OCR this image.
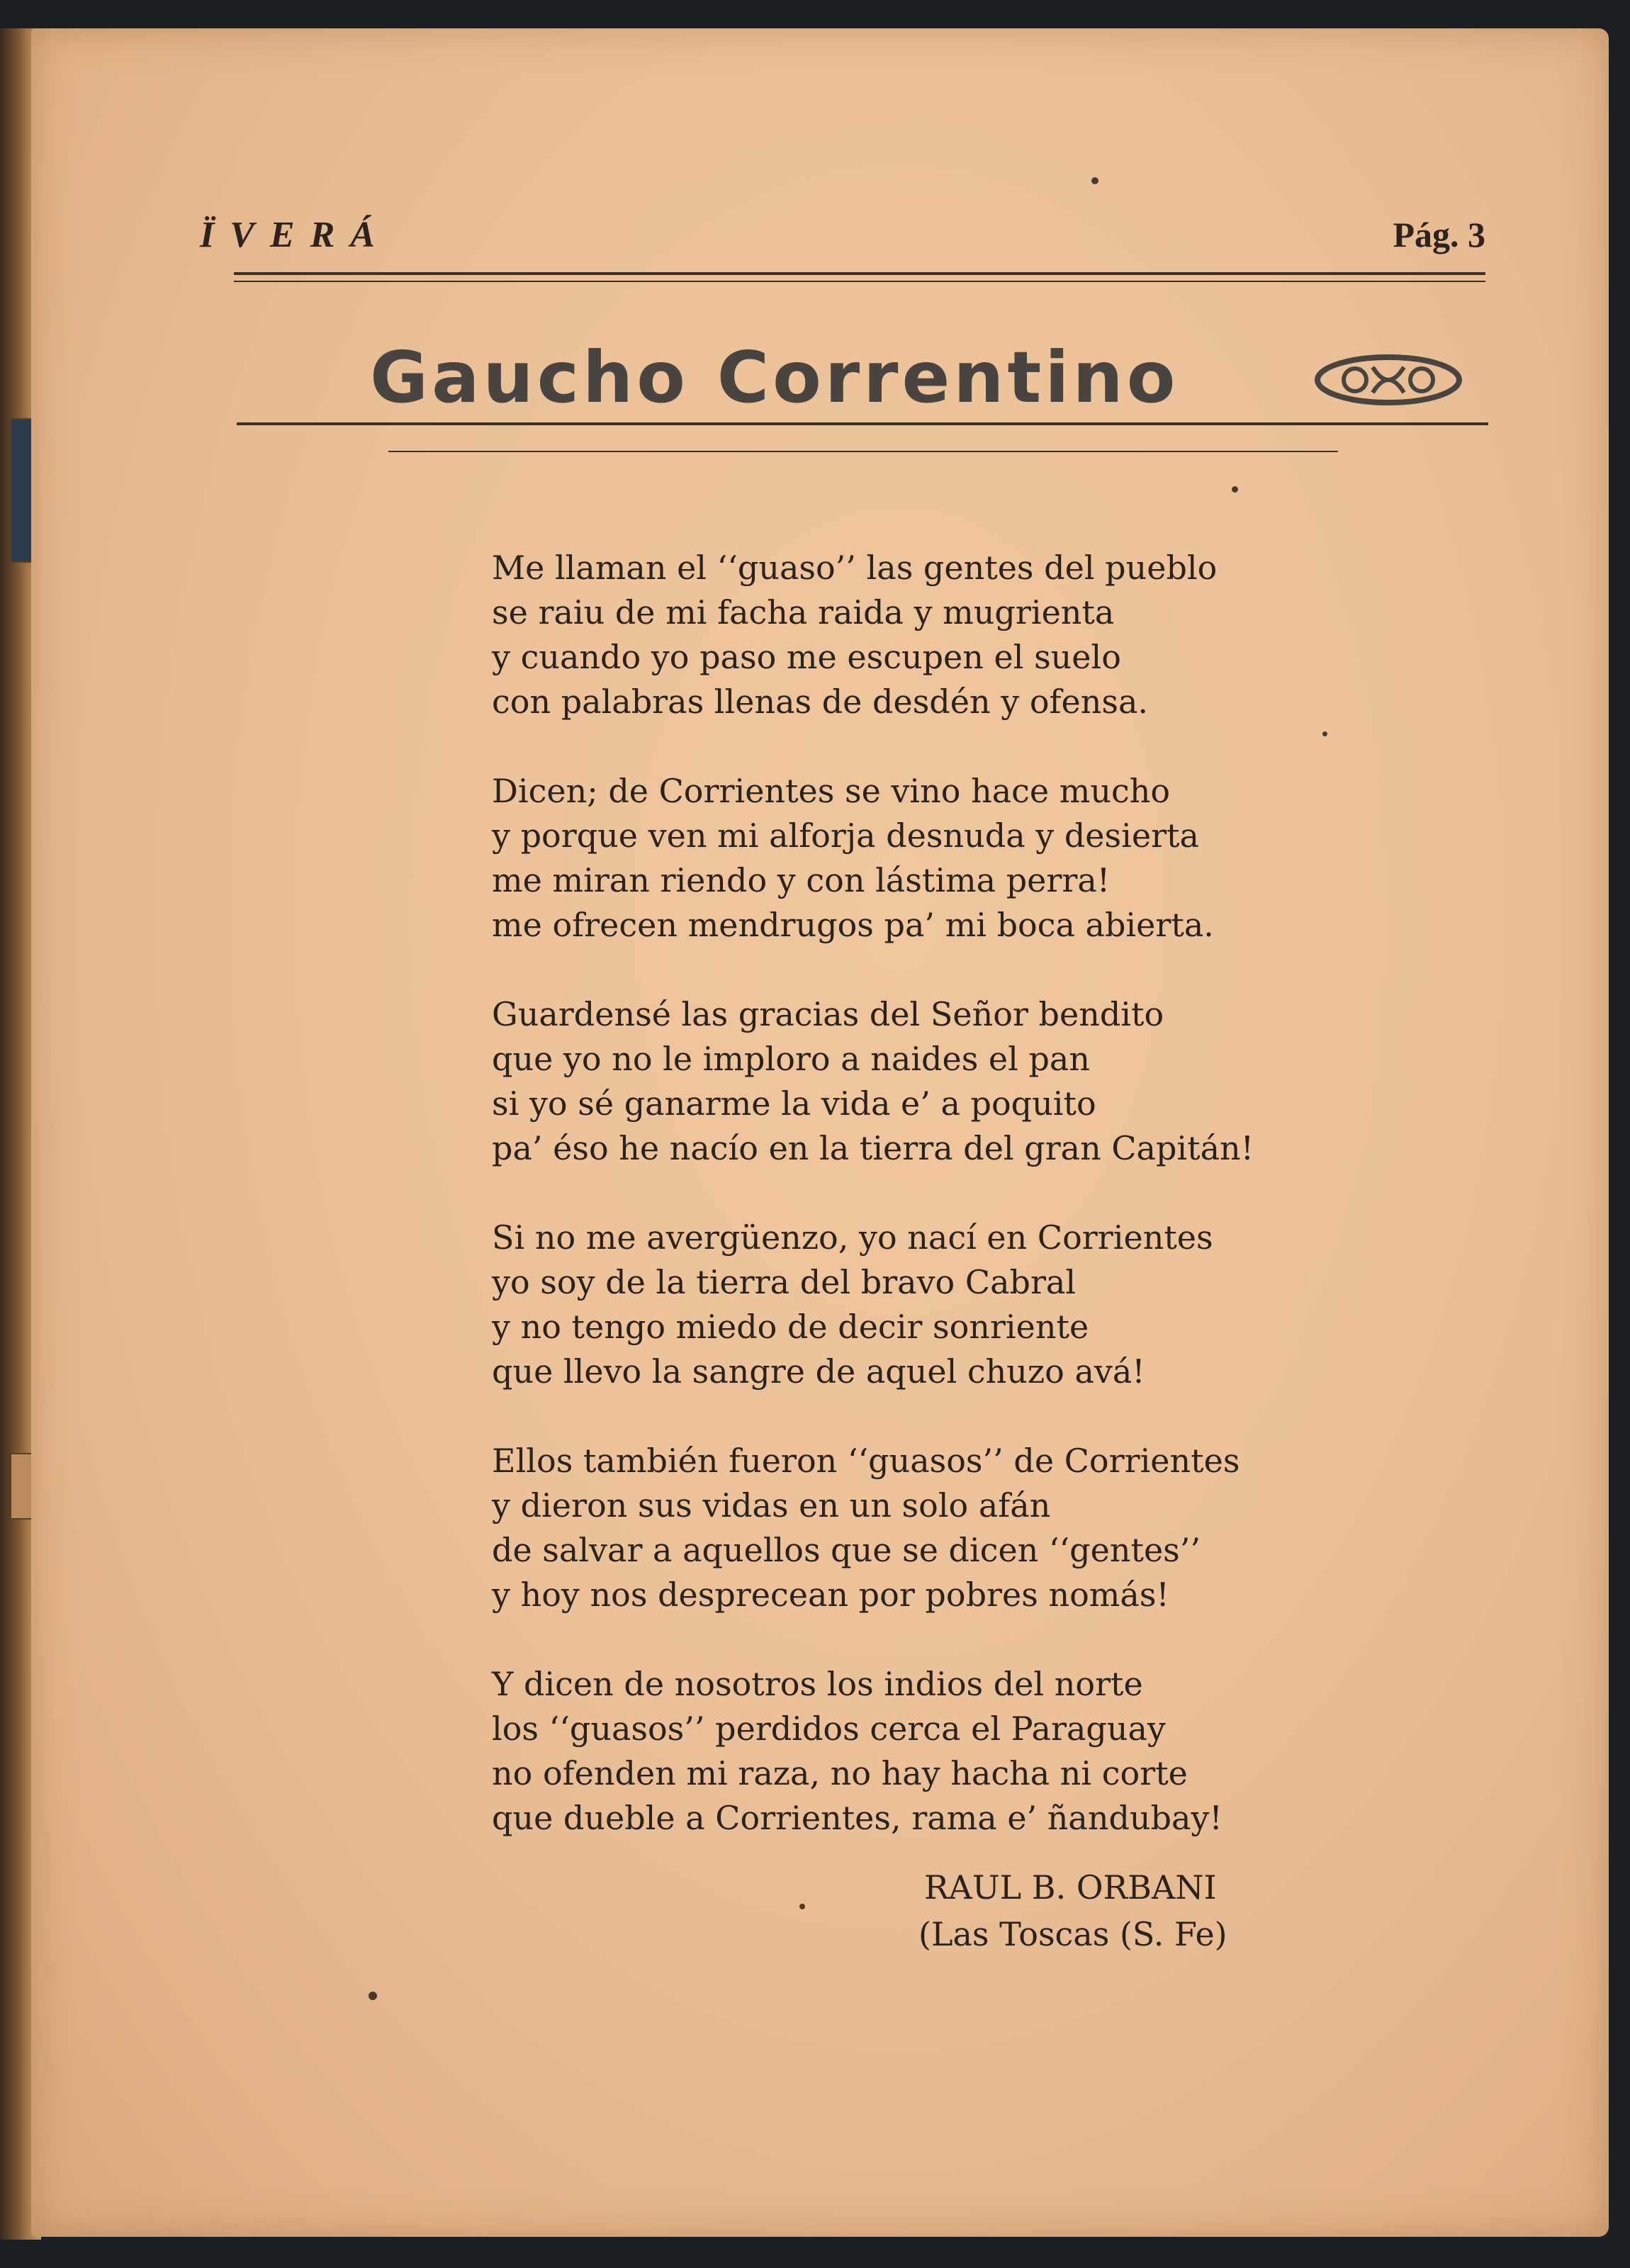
ÏVERÁ	Pág. 3
Gaucho Correntino
Me llaman el ‘‘guaso’’ las gentes del pueblo
se raiu de mi facha raida y mugrienta
y cuando yo paso me escupen el suelo
con palabras llenas de desdén y ofensa.
Dicen; de Corrientes se vino hace mucho
y porque ven mi alforja desnuda y desierta
me miran riendo y con lástima perra!
me ofrecen mendrugos pa’ mi boca abierta.
Guardensé las gracias del Señor bendito
que yo no le imploro a naides el pan
si yo sé ganarme la vida e’ a poquito
pa’ éso he nacío en la tierra del gran Capitán!
Si no me avergüenzo, yo nací en Corrientes
yo soy de la tierra del bravo Cabral
y no tengo miedo de decir sonriente
que llevo la sangre de aquel chuzo avá!
Ellos también fueron ‘‘guasos’’ de Corrientes
y dieron sus vidas en un solo afán
de salvar a aquellos que se dicen ‘‘gentes’’
y hoy nos desprecean por pobres nomás!
Y dicen de nosotros los indios del norte
los ‘‘guasos’’ perdidos cerca el Paraguay
no ofenden mi raza, no hay hacha ni corte
que dueble a Corrientes, rama e’ ñandubay!
RAUL B. ORBANI
(Las Toscas (S. Fe)
